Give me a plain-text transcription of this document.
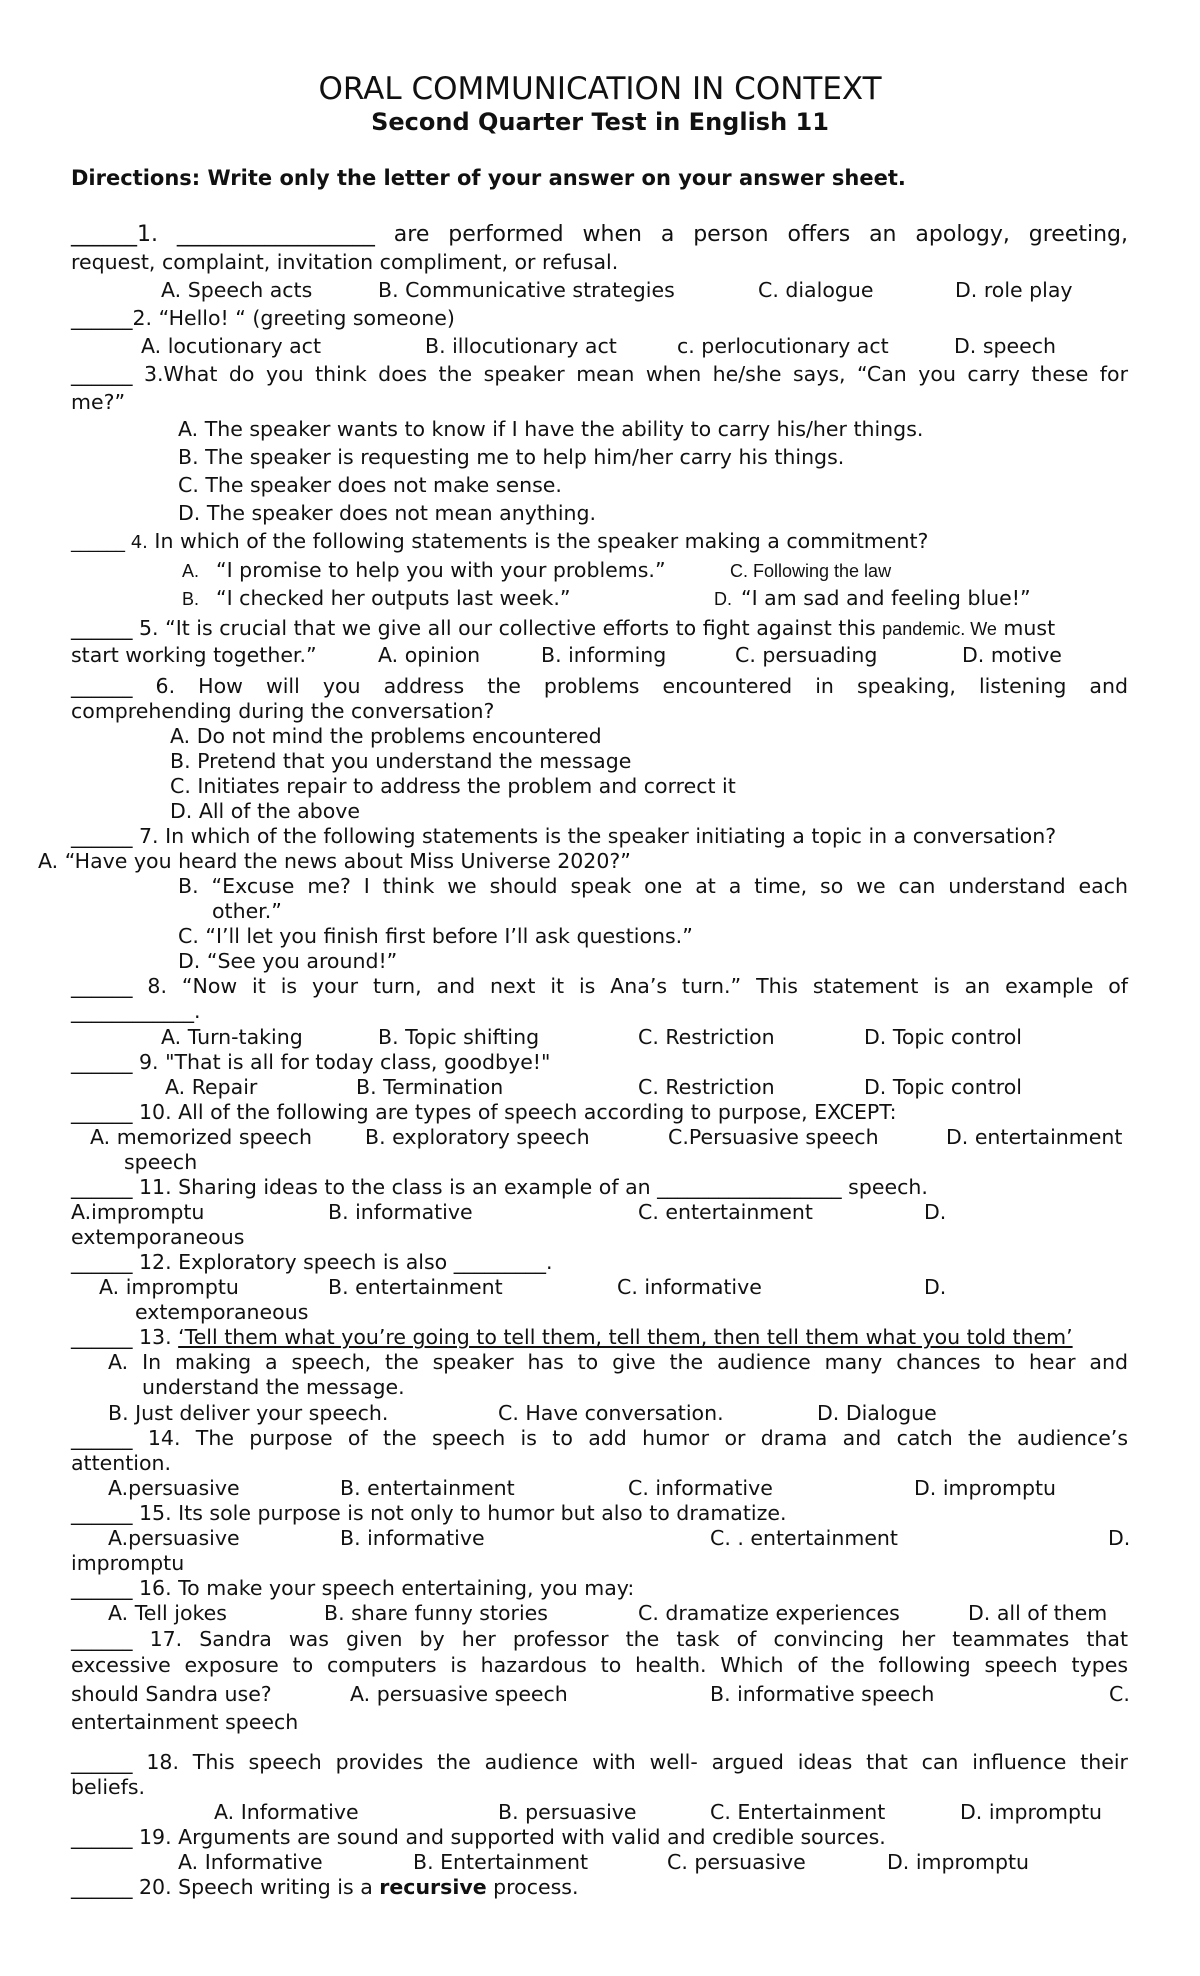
ORAL COMMUNICATION IN CONTEXT
Second Quarter Test in English 11
Directions: Write only the letter of your answer on your answer sheet.
______1. __________________ are performed when a person offers an apology, greeting,
request, complaint, invitation compliment, or refusal.
A. Speech acts	B. Communicative strategies	C. dialogue	D. role play
______2. “Hello! “ (greeting someone)
A. locutionary act	B. illocutionary act	c. perlocutionary act	D. speech
______ 3.What do you think does the speaker mean when he/she says, “Can you carry these for
me?”
A. The speaker wants to know if I have the ability to carry his/her things.
B. The speaker is requesting me to help him/her carry his things.
C. The speaker does not make sense.
D. The speaker does not mean anything.
______ 4. In which of the following statements is the speaker making a commitment?
A. “I promise to help you with your problems.”	C. Following the law
B. “I checked her outputs last week.”	D. “I am sad and feeling blue!”
______ 5. “It is crucial that we give all our collective efforts to fight against this pandemic. We must
start working together.”	A. opinion	B. informing	C. persuading	D. motive
______ 6. How will you address the problems encountered in speaking, listening and
comprehending during the conversation?
A. Do not mind the problems encountered
B. Pretend that you understand the message
C. Initiates repair to address the problem and correct it
D. All of the above
______ 7. In which of the following statements is the speaker initiating a topic in a conversation?
A. “Have you heard the news about Miss Universe 2020?”
B. “Excuse me? I think we should speak one at a time, so we can understand each
other.”
C. “I’ll let you finish first before I’ll ask questions.”
D. “See you around!”
______ 8. “Now it is your turn, and next it is Ana’s turn.” This statement is an example of
____________.
A. Turn-taking	B. Topic shifting	C. Restriction	D. Topic control
______ 9. "That is all for today class, goodbye!"
A. Repair	B. Termination	C. Restriction	D. Topic control
______ 10. All of the following are types of speech according to purpose, EXCEPT:
A. memorized speech	B. exploratory speech	C.Persuasive speech	D. entertainment
speech
______ 11. Sharing ideas to the class is an example of an __________________ speech.
A.impromptu	B. informative	C. entertainment	D.
extemporaneous
______ 12. Exploratory speech is also _________.
A. impromptu	B. entertainment	C. informative	D.
extemporaneous
______ 13. ‘Tell them what you’re going to tell them, tell them, then tell them what you told them’
A. In making a speech, the speaker has to give the audience many chances to hear and
understand the message.
B. Just deliver your speech.	C. Have conversation.	D. Dialogue
______ 14. The purpose of the speech is to add humor or drama and catch the audience’s
attention.
A.persuasive	B. entertainment	C. informative	D. impromptu
______ 15. Its sole purpose is not only to humor but also to dramatize.
A.persuasive	B. informative	C. . entertainment	D.
impromptu
______ 16. To make your speech entertaining, you may:
A. Tell jokes	B. share funny stories	C. dramatize experiences	D. all of them
______ 17. Sandra was given by her professor the task of convincing her teammates that
excessive exposure to computers is hazardous to health. Which of the following speech types
should Sandra use?	A. persuasive speech	B. informative speech	C.
entertainment speech
______ 18. This speech provides the audience with well- argued ideas that can influence their
beliefs.
A. Informative	B. persuasive	C. Entertainment	D. impromptu
______ 19. Arguments are sound and supported with valid and credible sources.
A. Informative	B. Entertainment	C. persuasive	D. impromptu
______ 20. Speech writing is a recursive process.
